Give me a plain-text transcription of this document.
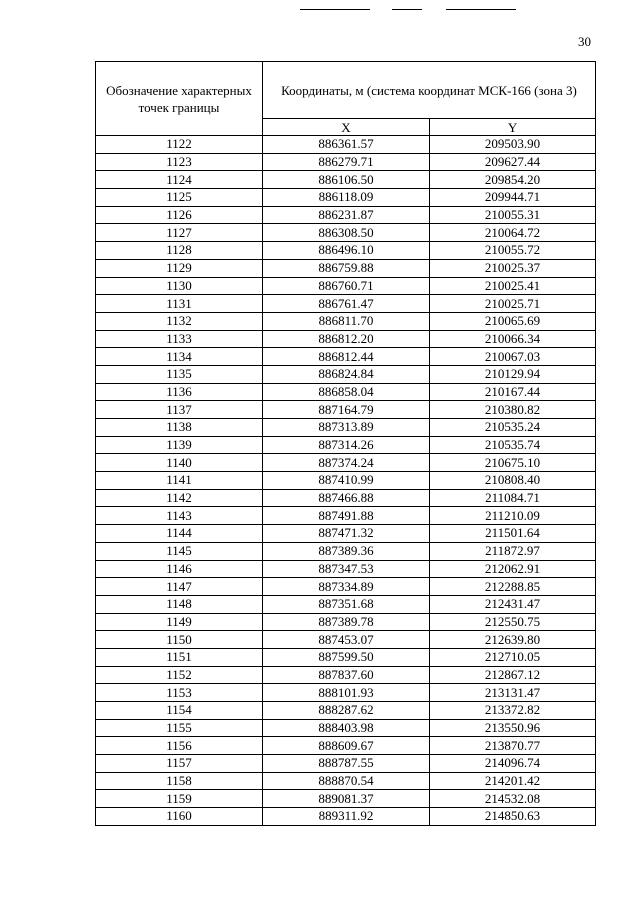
30
Обозначение характерных точек границы	Координаты, м (система координат МСК-166 (зона 3)	
	X	Y
1122	886361.57	209503.90
1123	886279.71	209627.44
1124	886106.50	209854.20
1125	886118.09	209944.71
1126	886231.87	210055.31
1127	886308.50	210064.72
1128	886496.10	210055.72
1129	886759.88	210025.37
1130	886760.71	210025.41
1131	886761.47	210025.71
1132	886811.70	210065.69
1133	886812.20	210066.34
1134	886812.44	210067.03
1135	886824.84	210129.94
1136	886858.04	210167.44
1137	887164.79	210380.82
1138	887313.89	210535.24
1139	887314.26	210535.74
1140	887374.24	210675.10
1141	887410.99	210808.40
1142	887466.88	211084.71
1143	887491.88	211210.09
1144	887471.32	211501.64
1145	887389.36	211872.97
1146	887347.53	212062.91
1147	887334.89	212288.85
1148	887351.68	212431.47
1149	887389.78	212550.75
1150	887453.07	212639.80
1151	887599.50	212710.05
1152	887837.60	212867.12
1153	888101.93	213131.47
1154	888287.62	213372.82
1155	888403.98	213550.96
1156	888609.67	213870.77
1157	888787.55	214096.74
1158	888870.54	214201.42
1159	889081.37	214532.08
1160	889311.92	214850.63
